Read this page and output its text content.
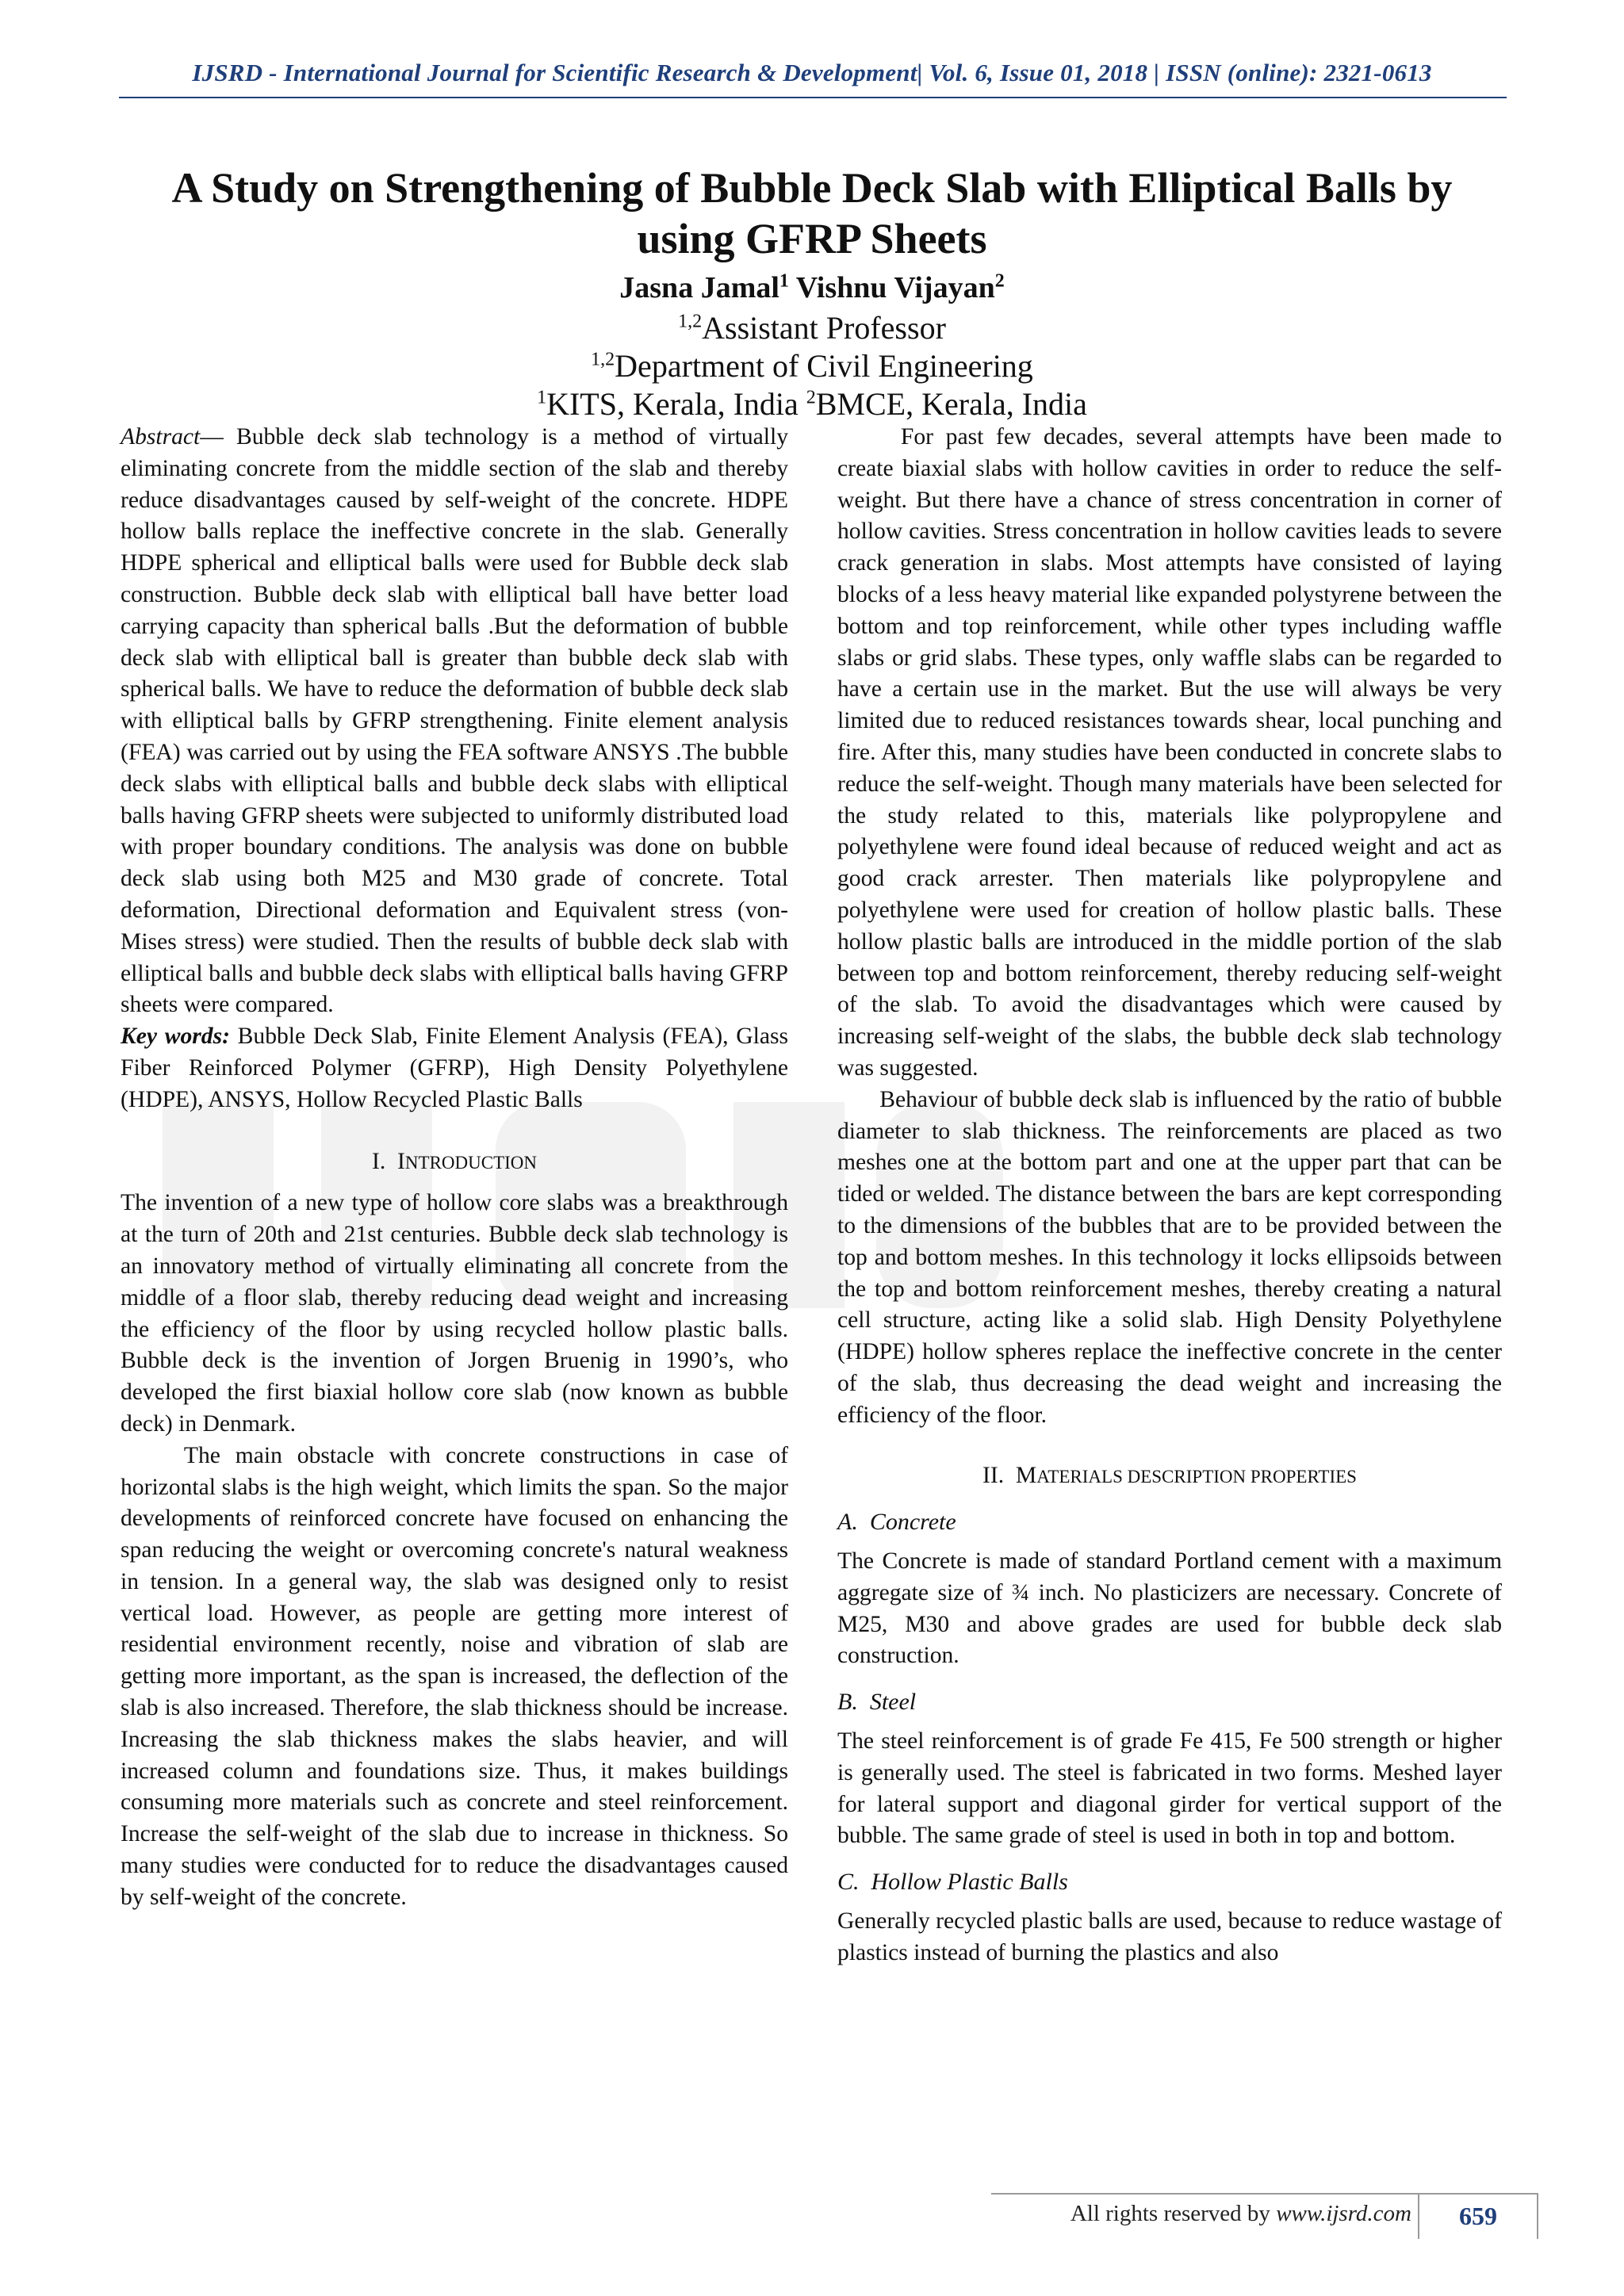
IJSRD - International Journal for Scientific Research & Development| Vol. 6, Issue 01, 2018 | ISSN (online): 2321-0613
A Study on Strengthening of Bubble Deck Slab with Elliptical Balls by
using GFRP Sheets
Jasna Jamal$^1$ Vishnu Vijayan$^2$
$^{1,2}$Assistant Professor
$^{1,2}$Department of Civil Engineering
$^1$KITS, Kerala, India $^2$BMCE, Kerala, India

Abstract— Bubble deck slab technology is a method of virtually eliminating concrete from the middle section of the slab and thereby reduce disadvantages caused by self-weight of the concrete. HDPE hollow balls replace the ineffective concrete in the slab. Generally HDPE spherical and elliptical balls were used for Bubble deck slab construction. Bubble deck slab with elliptical ball have better load carrying capacity than spherical balls .But the deformation of bubble deck slab with elliptical ball is greater than bubble deck slab with spherical balls. We have to reduce the deformation of bubble deck slab with elliptical balls by GFRP strengthening. Finite element analysis (FEA) was carried out by using the FEA software ANSYS .The bubble deck slabs with elliptical balls and bubble deck slabs with elliptical balls having GFRP sheets were subjected to uniformly distributed load with proper boundary conditions. The analysis was done on bubble deck slab using both M25 and M30 grade of concrete. Total deformation, Directional deformation and Equivalent stress (von-Mises stress) were studied. Then the results of bubble deck slab with elliptical balls and bubble deck slabs with elliptical balls having GFRP sheets were compared.

Key words: Bubble Deck Slab, Finite Element Analysis (FEA), Glass Fiber Reinforced Polymer (GFRP), High Density Polyethylene (HDPE), ANSYS, Hollow Recycled Plastic Balls

I. INTRODUCTION

The invention of a new type of hollow core slabs was a breakthrough at the turn of 20th and 21st centuries. Bubble deck slab technology is an innovatory method of virtually eliminating all concrete from the middle of a floor slab, thereby reducing dead weight and increasing the efficiency of the floor by using recycled hollow plastic balls. Bubble deck is the invention of Jorgen Bruenig in 1990’s, who developed the first biaxial hollow core slab (now known as bubble deck) in Denmark.

The main obstacle with concrete constructions in case of horizontal slabs is the high weight, which limits the span. So the major developments of reinforced concrete have focused on enhancing the span reducing the weight or overcoming concrete's natural weakness in tension. In a general way, the slab was designed only to resist vertical load. However, as people are getting more interest of residential environment recently, noise and vibration of slab are getting more important, as the span is increased, the deflection of the slab is also increased. Therefore, the slab thickness should be increase. Increasing the slab thickness makes the slabs heavier, and will increased column and foundations size. Thus, it makes buildings consuming more materials such as concrete and steel reinforcement. Increase the self-weight of the slab due to increase in thickness. So many studies were conducted for to reduce the disadvantages caused by self-weight of the concrete.

For past few decades, several attempts have been made to create biaxial slabs with hollow cavities in order to reduce the self-weight. But there have a chance of stress concentration in corner of hollow cavities. Stress concentration in hollow cavities leads to severe crack generation in slabs. Most attempts have consisted of laying blocks of a less heavy material like expanded polystyrene between the bottom and top reinforcement, while other types including waffle slabs or grid slabs. These types, only waffle slabs can be regarded to have a certain use in the market. But the use will always be very limited due to reduced resistances towards shear, local punching and fire. After this, many studies have been conducted in concrete slabs to reduce the self-weight. Though many materials have been selected for the study related to this, materials like polypropylene and polyethylene were found ideal because of reduced weight and act as good crack arrester. Then materials like polypropylene and polyethylene were used for creation of hollow plastic balls. These hollow plastic balls are introduced in the middle portion of the slab between top and bottom reinforcement, thereby reducing self-weight of the slab. To avoid the disadvantages which were caused by increasing self-weight of the slabs, the bubble deck slab technology was suggested.

Behaviour of bubble deck slab is influenced by the ratio of bubble diameter to slab thickness. The reinforcements are placed as two meshes one at the bottom part and one at the upper part that can be tided or welded. The distance between the bars are kept corresponding to the dimensions of the bubbles that are to be provided between the top and bottom meshes. In this technology it locks ellipsoids between the top and bottom reinforcement meshes, thereby creating a natural cell structure, acting like a solid slab. High Density Polyethylene (HDPE) hollow spheres replace the ineffective concrete in the center of the slab, thus decreasing the dead weight and increasing the efficiency of the floor.

II. MATERIALS DESCRIPTION PROPERTIES
A. Concrete

The Concrete is made of standard Portland cement with a maximum aggregate size of ¾ inch. No plasticizers are necessary. Concrete of M25, M30 and above grades are used for bubble deck slab construction.

B. Steel

The steel reinforcement is of grade Fe 415, Fe 500 strength or higher is generally used. The steel is fabricated in two forms. Meshed layer for lateral support and diagonal girder for vertical support of the bubble. The same grade of steel is used in both in top and bottom.

C. Hollow Plastic Balls

Generally recycled plastic balls are used, because to reduce wastage of plastics instead of burning the plastics and also

All rights reserved by www.ijsrd.com	659
